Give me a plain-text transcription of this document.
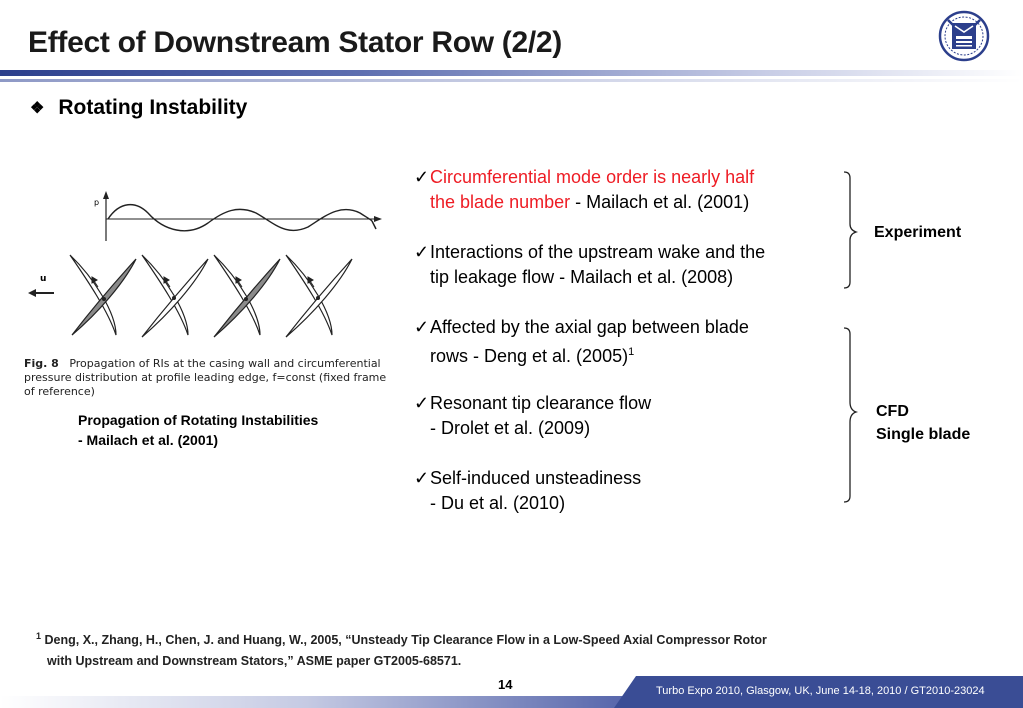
Effect of Downstream Stator Row (2/2)
❖ Rotating Instability
p
u
Fig. 8 Propagation of RIs at the casing wall and circumferential pressure distribution at profile leading edge, f=const (fixed frame of reference)
Propagation of Rotating Instabilities
- Mailach et al. (2001)
✓ Circumferential mode order is nearly half
the blade number - Mailach et al. (2001)
✓ Interactions of the upstream wake and the
tip leakage flow - Mailach et al. (2008)
✓ Affected by the axial gap between blade
rows - Deng et al. $(2005)^1$
✓ Resonant tip clearance flow
- Drolet et al. (2009)
✓ Self-induced unsteadiness
- Du et al. (2010)
Experiment
CFD
Single blade
$^1$ Deng, X., Zhang, H., Chen, J. and Huang, W., 2005, “Unsteady Tip Clearance Flow in a Low-Speed Axial Compressor Rotor
with Upstream and Downstream Stators,” ASME paper GT2005-68571.
14	Turbo Expo 2010, Glasgow, UK, June 14-18, 2010 / GT2010-23024
